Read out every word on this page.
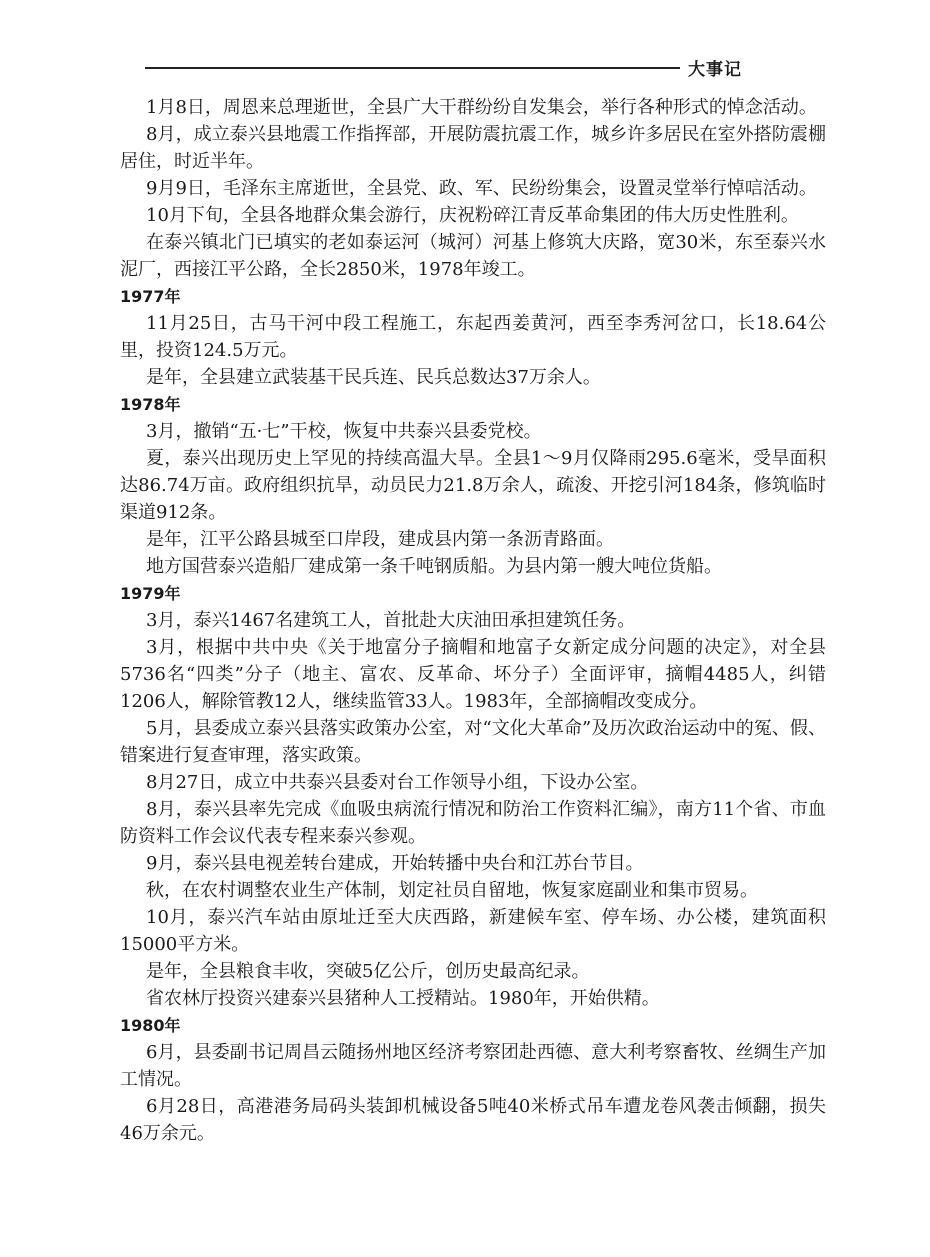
大事记

1月8日，周恩来总理逝世，全县广大干群纷纷自发集会，举行各种形式的悼念活动。

8月，成立泰兴县地震工作指挥部，开展防震抗震工作，城乡许多居民在室外搭防震棚居住，时近半年。

9月9日，毛泽东主席逝世，全县党、政、军、民纷纷集会，设置灵堂举行悼唁活动。

10月下旬，全县各地群众集会游行，庆祝粉碎江青反革命集团的伟大历史性胜利。

在泰兴镇北门已填实的老如泰运河（城河）河基上修筑大庆路，宽30米，东至泰兴水泥厂，西接江平公路，全长2850米，1978年竣工。

1977年

11月25日，古马干河中段工程施工，东起西姜黄河，西至李秀河岔口，长18.64公里，投资124.5万元。

是年，全县建立武装基干民兵连、民兵总数达37万余人。

1978年

3月，撤销“五·七”干校，恢复中共泰兴县委党校。

夏，泰兴出现历史上罕见的持续高温大旱。全县1～9月仅降雨295.6毫米，受旱面积达86.74万亩。政府组织抗旱，动员民力21.8万余人，疏浚、开挖引河184条，修筑临时渠道912条。

是年，江平公路县城至口岸段，建成县内第一条沥青路面。

地方国营泰兴造船厂建成第一条千吨钢质船。为县内第一艘大吨位货船。

1979年

3月，泰兴1467名建筑工人，首批赴大庆油田承担建筑任务。

3月，根据中共中央《关于地富分子摘帽和地富子女新定成分问题的决定》，对全县5736名“四类”分子（地主、富农、反革命、坏分子）全面评审，摘帽4485人，纠错1206人，解除管教12人，继续监管33人。1983年，全部摘帽改变成分。

5月，县委成立泰兴县落实政策办公室，对“文化大革命”及历次政治运动中的冤、假、错案进行复查审理，落实政策。

8月27日，成立中共泰兴县委对台工作领导小组，下设办公室。

8月，泰兴县率先完成《血吸虫病流行情况和防治工作资料汇编》，南方11个省、市血防资料工作会议代表专程来泰兴参观。

9月，泰兴县电视差转台建成，开始转播中央台和江苏台节目。

秋，在农村调整农业生产体制，划定社员自留地，恢复家庭副业和集市贸易。

10月，泰兴汽车站由原址迁至大庆西路，新建候车室、停车场、办公楼，建筑面积15000平方米。

是年，全县粮食丰收，突破5亿公斤，创历史最高纪录。

省农林厅投资兴建泰兴县猪种人工授精站。1980年，开始供精。

1980年

6月，县委副书记周昌云随扬州地区经济考察团赴西德、意大利考察畜牧、丝绸生产加工情况。

6月28日，高港港务局码头装卸机械设备5吨40米桥式吊车遭龙卷风袭击倾翻，损失46万余元。
